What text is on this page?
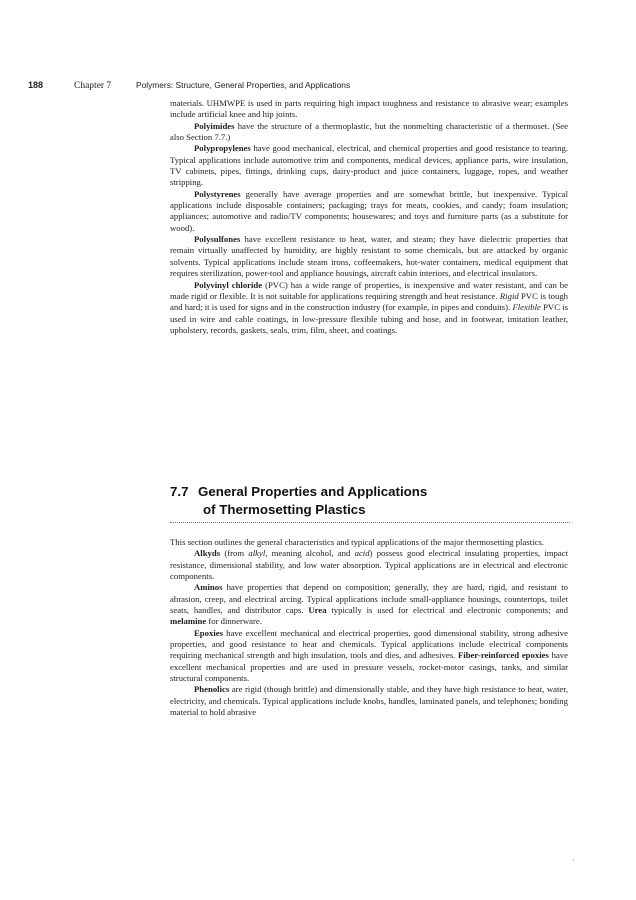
188	Chapter 7	Polymers: Structure, General Properties, and Applications

materials. UHMWPE is used in parts requiring high impact toughness and resistance to abrasive wear; examples include artificial knee and hip joints.

Polyimides have the structure of a thermoplastic, but the nonmelting characteristic of a thermoset. (See also Section 7.7.)

Polypropylenes have good mechanical, electrical, and chemical properties and good resistance to tearing. Typical applications include automotive trim and components, medical devices, appliance parts, wire insulation, TV cabinets, pipes, fittings, drinking cups, dairy-product and juice containers, luggage, ropes, and weather stripping.

Polystyrenes generally have average properties and are somewhat brittle, but inexpensive. Typical applications include disposable containers; packaging; trays for meats, cookies, and candy; foam insulation; appliances; automotive and radio/TV components; housewares; and toys and furniture parts (as a substitute for wood).

Polysulfones have excellent resistance to heat, water, and steam; they have dielectric properties that remain virtually unaffected by humidity, are highly resistant to some chemicals, but are attacked by organic solvents. Typical applications include steam irons, coffeemakers, hot-water containers, medical equipment that requires sterilization, power-tool and appliance housings, aircraft cabin interiors, and electrical insulators.

Polyvinyl chloride (PVC) has a wide range of properties, is inexpensive and water resistant, and can be made rigid or flexible. It is not suitable for applications requiring strength and heat resistance. Rigid PVC is tough and hard; it is used for signs and in the construction industry (for example, in pipes and conduits). Flexible PVC is used in wire and cable coatings, in low-pressure flexible tubing and hose, and in footwear, imitation leather, upholstery, records, gaskets, seals, trim, film, sheet, and coatings.

7.7 General Properties and Applications
of Thermosetting Plastics

This section outlines the general characteristics and typical applications of the major thermosetting plastics.

Alkyds (from alkyl, meaning alcohol, and acid) possess good electrical insulating properties, impact resistance, dimensional stability, and low water absorption. Typical applications are in electrical and electronic components.

Aminos have properties that depend on composition; generally, they are hard, rigid, and resistant to abrasion, creep, and electrical arcing. Typical applications include small-appliance housings, countertops, toilet seats, handles, and distributor caps. Urea typically is used for electrical and electronic components; and melamine for dinnerware.

Epoxies have excellent mechanical and electrical properties, good dimensional stability, strong adhesive properties, and good resistance to heat and chemicals. Typical applications include electrical components requiring mechanical strength and high insulation, tools and dies, and adhesives. Fiber-reinforced epoxies have excellent mechanical properties and are used in pressure vessels, rocket-motor casings, tanks, and similar structural components.

Phenolics are rigid (though brittle) and dimensionally stable, and they have high resistance to heat, water, electricity, and chemicals. Typical applications include knobs, handles, laminated panels, and telephones; bonding material to hold abrasive

·
